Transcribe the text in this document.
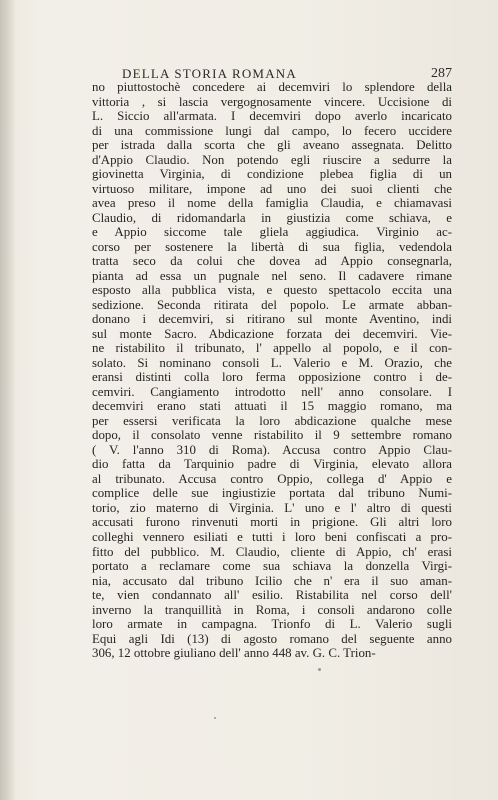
DELLA STORIA ROMANA	287
no piuttostochè concedere ai decemviri lo splendore della
vittoria , si lascia vergognosamente vincere. Uccisione di
L. Siccio all'armata. I decemviri dopo averlo incaricato
di una commissione lungi dal campo, lo fecero uccidere
per istrada dalla scorta che gli aveano assegnata. Delitto
d'Appio Claudio. Non potendo egli riuscire a sedurre la
giovinetta Virginia, di condizione plebea figlia di un
virtuoso militare, impone ad uno dei suoi clienti che
avea preso il nome della famiglia Claudia, e chiamavasi
Claudio, di ridomandarla in giustizia come schiava, e
e Appio siccome tale gliela aggiudica. Virginio ac-
corso per sostenere la libertà di sua figlia, vedendola
tratta seco da colui che dovea ad Appio consegnarla,
pianta ad essa un pugnale nel seno. Il cadavere rimane
esposto alla pubblica vista, e questo spettacolo eccita una
sedizione. Seconda ritirata del popolo. Le armate abban-
donano i decemviri, si ritirano sul monte Aventino, indi
sul monte Sacro. Abdicazione forzata dei decemviri. Vie-
ne ristabilito il tribunato, l' appello al popolo, e il con-
solato. Si nominano consoli L. Valerio e M. Orazio, che
eransi distinti colla loro ferma opposizione contro i de-
cemviri. Cangiamento introdotto nell' anno consolare. I
decemviri erano stati attuati il 15 maggio romano, ma
per essersi verificata la loro abdicazione qualche mese
dopo, il consolato venne ristabilito il 9 settembre romano
( V. l'anno 310 di Roma). Accusa contro Appio Clau-
dio fatta da Tarquinio padre di Virginia, elevato allora
al tribunato. Accusa contro Oppio, collega d' Appio e
complice delle sue ingiustizie portata dal tribuno Numi-
torio, zio materno di Virginia. L' uno e l' altro di questi
accusati furono rinvenuti morti in prigione. Gli altri loro
colleghi vennero esiliati e tutti i loro beni confiscati a pro-
fitto del pubblico. M. Claudio, cliente di Appio, ch' erasi
portato a reclamare come sua schiava la donzella Virgi-
nia, accusato dal tribuno Icilio che n' era il suo aman-
te, vien condannato all' esilio. Ristabilita nel corso dell'
inverno la tranquillità in Roma, i consoli andarono colle
loro armate in campagna. Trionfo di L. Valerio sugli
Equi agli Idi (13) di agosto romano del seguente anno
306, 12 ottobre giuliano dell' anno 448 av. G. C. Trion-
